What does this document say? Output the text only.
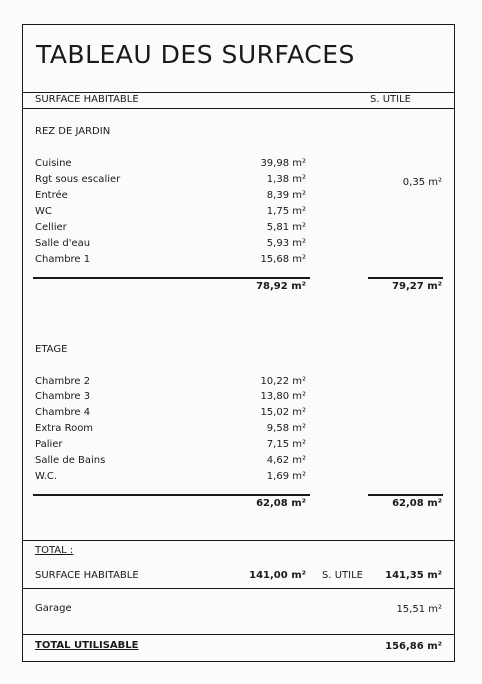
TABLEAU DES SURFACES
SURFACE HABITABLE	S. UTILE
REZ DE JARDIN
Cuisine	39,98 m²
Rgt sous escalier	1,38 m²	0,35 m²
Entrée	8,39 m²
WC	1,75 m²
Cellier	5,81 m²
Salle d'eau	5,93 m²
Chambre 1	15,68 m²
78,92 m²	79,27 m²
ETAGE
Chambre 2	10,22 m²
Chambre 3	13,80 m²
Chambre 4	15,02 m²
Extra Room	9,58 m²
Palier	7,15 m²
Salle de Bains	4,62 m²
W.C.	1,69 m²
62,08 m²	62,08 m²
TOTAL :
SURFACE HABITABLE	141,00 m² S. UTILE 141,35 m²
Garage	15,51 m²
TOTAL UTILISABLE	156,86 m²
